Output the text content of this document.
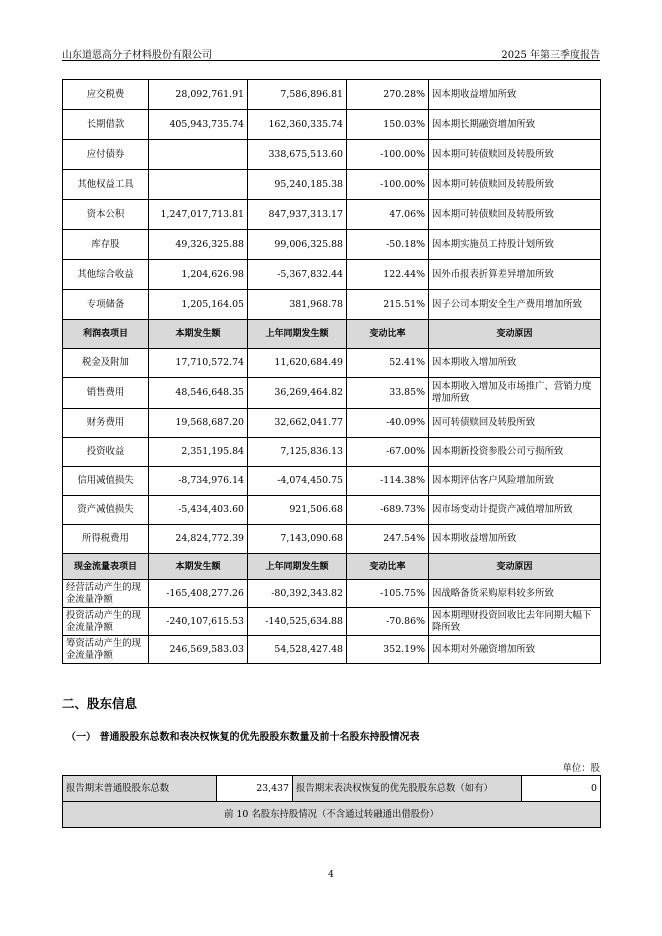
山东道恩高分子材料股份有限公司	2025 年第三季度报告
应交税费	28,092,761.91	7,586,896.81	270.28%	因本期收益增加所致
长期借款	405,943,735.74	162,360,335.74	150.03%	因本期长期融资增加所致
应付债券		338,675,513.60	-100.00%	因本期可转债赎回及转股所致
其他权益工具		95,240,185.38	-100.00%	因本期可转债赎回及转股所致
资本公积	1,247,017,713.81	847,937,313.17	47.06%	因本期可转债赎回及转股所致
库存股	49,326,325.88	99,006,325.88	-50.18%	因本期实施员工持股计划所致
其他综合收益	1,204,626.98	-5,367,832.44	122.44%	因外币报表折算差异增加所致
专项储备	1,205,164.05	381,968.78	215.51%	因子公司本期安全生产费用增加所致
利润表项目	本期发生额	上年同期发生额	变动比率	变动原因
税金及附加	17,710,572.74	11,620,684.49	52.41%	因本期收入增加所致
销售费用	48,546,648.35	36,269,464.82	33.85%	因本期收入增加及市场推广、营销力度增加所致
财务费用	19,568,687.20	32,662,041.77	-40.09%	因可转债赎回及转股所致
投资收益	2,351,195.84	7,125,836.13	-67.00%	因本期新投资参股公司亏损所致
信用减值损失	-8,734,976.14	-4,074,450.75	-114.38%	因本期评估客户风险增加所致
资产减值损失	-5,434,403.60	921,506.68	-689.73%	因市场变动计提资产减值增加所致
所得税费用	24,824,772.39	7,143,090.68	247.54%	因本期收益增加所致
现金流量表项目	本期发生额	上年同期发生额	变动比率	变动原因
经营活动产生的现金流量净额	-165,408,277.26	-80,392,343.82	-105.75%	因战略备货采购原料较多所致
投资活动产生的现金流量净额	-240,107,615.53	-140,525,634.88	-70.86%	因本期理财投资回收比去年同期大幅下降所致
筹资活动产生的现金流量净额	246,569,583.03	54,528,427.48	352.19%	因本期对外融资增加所致
二、股东信息
（一） 普通股股东总数和表决权恢复的优先股股东数量及前十名股东持股情况表
单位：股
报告期末普通股股东总数	23,437	报告期末表决权恢复的优先股股东总数（如有）	0
前 10 名股东持股情况（不含通过转融通出借股份）
4
